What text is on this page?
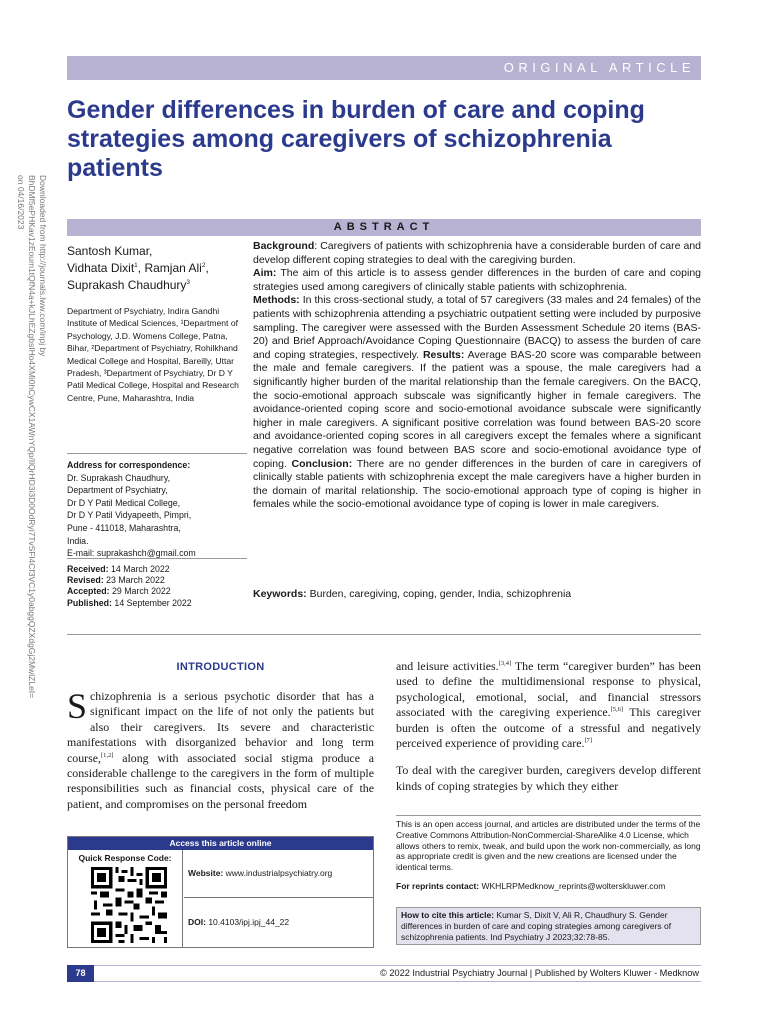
Downloaded from http://journals.lww.com/inpj by BhDMf5ePHKav1zEoum1tQfN4a+kJLhEZgbsIHo4XMi0hCywCX1AWnYQp/IlQrHD3i3D0OdRyi7TvSFl4Cf3VC1y0abggQZXdgGj2MwlZLeI= on 04/16/2023
ORIGINAL ARTICLE
Gender differences in burden of care and coping strategies among caregivers of schizophrenia patients
ABSTRACT
Santosh Kumar,
Vidhata Dixit$^1$, Ramjan Ali$^2$,
Suprakash Chaudhury$^3$
Department of Psychiatry, Indira Gandhi Institute of Medical Sciences, ¹Department of Psychology, J.D. Womens College, Patna, Bihar, ²Department of Psychiatry, Rohilkhand Medical College and Hospital, Bareilly, Uttar Pradesh, ³Department of Psychiatry, Dr D Y Patil Medical College, Hospital and Research Centre, Pune, Maharashtra, India
Address for correspondence:
Dr. Suprakash Chaudhury,
Department of Psychiatry,
Dr D Y Patil Medical College,
Dr D Y Patil Vidyapeeth, Pimpri,
Pune - 411018, Maharashtra,
India.
E-mail: suprakashch@gmail.com
Received: 14 March 2022
Revised: 23 March 2022
Accepted: 29 March 2022
Published: 14 September 2022
Background: Caregivers of patients with schizophrenia have a considerable burden of care and develop different coping strategies to deal with the caregiving burden.
Aim: The aim of this article is to assess gender differences in the burden of care and coping strategies used among caregivers of clinically stable patients with schizophrenia.
Methods: In this cross-sectional study, a total of 57 caregivers (33 males and 24 females) of the patients with schizophrenia attending a psychiatric outpatient setting were included by purposive sampling. The caregiver were assessed with the Burden Assessment Schedule 20 items (BAS-20) and Brief Approach/Avoidance Coping Questionnaire (BACQ) to assess the burden of care and coping strategies, respectively. Results: Average BAS-20 score was comparable between the male and female caregivers. If the patient was a spouse, the male caregivers had a significantly higher burden of the marital relationship than the female caregivers. On the BACQ, the socio-emotional approach subscale was significantly higher in female caregivers. The avoidance-oriented coping score and socio-emotional avoidance subscale were significantly higher in male caregivers. A significant positive correlation was found between BAS-20 score and avoidance-oriented coping scores in all caregivers except the females where a significant negative correlation was found between BAS score and socio-emotional avoidance type of coping. Conclusion: There are no gender differences in the burden of care in caregivers of clinically stable patients with schizophrenia except the male caregivers have a higher burden in the domain of marital relationship. The socio-emotional approach type of coping is higher in females while the socio-emotional avoidance type of coping is lower in male caregivers.
Keywords: Burden, caregiving, coping, gender, India, schizophrenia
INTRODUCTION
Schizophrenia is a serious psychotic disorder that has a significant impact on the life of not only the patients but also their caregivers. Its severe and characteristic manifestations with disorganized behavior and long term course,[1,2] along with associated social stigma produce a considerable challenge to the caregivers in the form of multiple responsibilities such as financial costs, physical care of the patient, and compromises on the personal freedom
and leisure activities.[3,4] The term “caregiver burden” has been used to define the multidimensional response to physical, psychological, emotional, social, and financial stressors associated with the caregiving experience.[5,6] This caregiver burden is often the outcome of a stressful and negatively perceived experience of providing care.[7]
To deal with the caregiver burden, caregivers develop different kinds of coping strategies by which they either
This is an open access journal, and articles are distributed under the terms of the Creative Commons Attribution-NonCommercial-ShareAlike 4.0 License, which allows others to remix, tweak, and build upon the work non-commercially, as long as appropriate credit is given and the new creations are licensed under the identical terms.
For reprints contact: WKHLRPMedknow_reprints@wolterskluwer.com
How to cite this article: Kumar S, Dixit V, Ali R, Chaudhury S. Gender differences in burden of care and coping strategies among caregivers of schizophrenia patients. Ind Psychiatry J 2023;32:78-85.
Access this article online
Quick Response Code:
Website: www.industrialpsychiatry.org
DOI: 10.4103/ipj.ipj_44_22
78	© 2022 Industrial Psychiatry Journal | Published by Wolters Kluwer - Medknow
